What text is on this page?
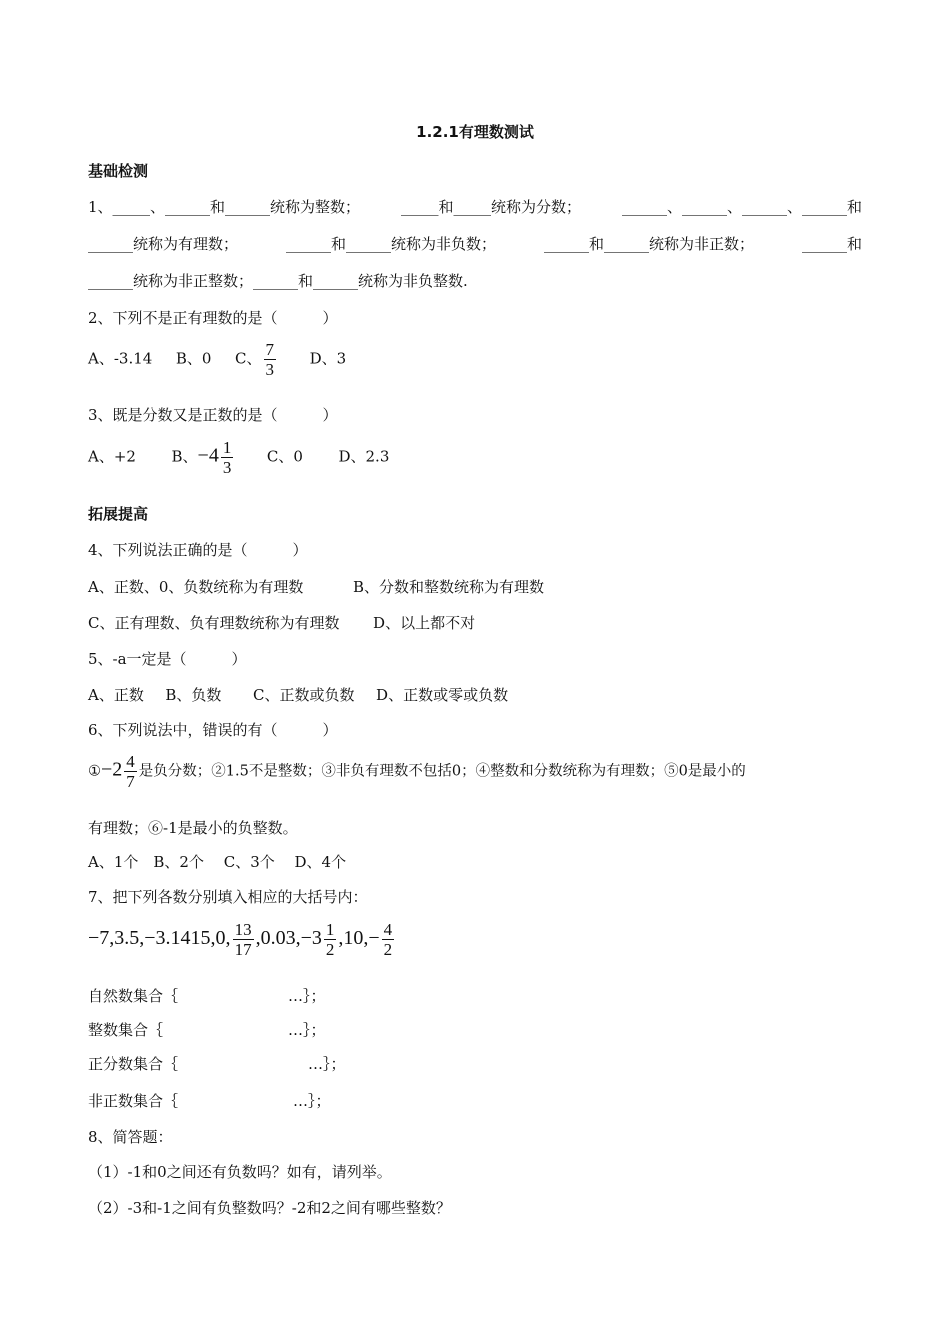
1.2.1有理数测试
基础检测
1、_____、______和______统称为整数；	_____和_____统称为分数；	______、______、______、______和
______统称为有理数；	______和______统称为非负数；	______和______统称为非正数；	______和
______统称为非正整数；______和______统称为非负整数.
2、下列不是正有理数的是（　　　）
A、-3.14 B、0 C、 $\frac{7}{3}$ D、3
3、既是分数又是正数的是（　　　）
A、+2 B、$-4 \frac{1}{3}$ C、0 D、2.3
拓展提高
4、下列说法正确的是（　　　）
A、正数、0、负数统称为有理数	B、分数和整数统称为有理数
C、正有理数、负有理数统称为有理数 D、以上都不对
5、-a一定是（　　　）
A、正数 B、负数 C、正数或负数 D、正数或零或负数
6、下列说法中，错误的有（　　　）
①−2 $\frac{4}{7}$ 是负分数；②1.5不是整数；③非负有理数不包括0；④整数和分数统称为有理数；⑤0是最小的
有理数；⑥-1是最小的负整数。
A、1个　B、2个　 C、3个　 D、4个
7、把下列各数分别填入相应的大括号内：
−7,3.5,−3.1415,0, $\frac{13}{17} ,0.03,-3 \frac{1}{2} ,10,- \frac{4}{2}$
自然数集合｛	…｝；
整数集合｛	…｝；
正分数集合｛	…｝；
非正数集合｛	…｝；
8、简答题：
（1）-1和0之间还有负数吗？如有，请列举。
（2）-3和-1之间有负整数吗？-2和2之间有哪些整数？
